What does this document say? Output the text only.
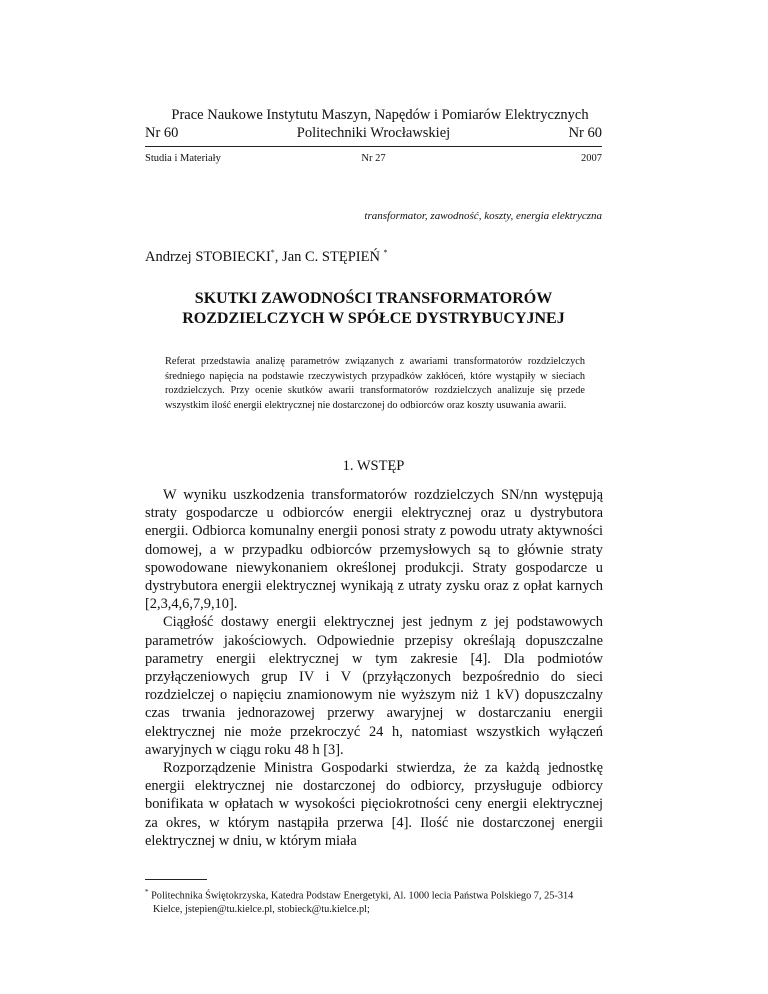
Prace Naukowe Instytutu Maszyn, Napędów i Pomiarów Elektrycznych
Politechniki Wrocławskiej
Nr 60	Nr 60
Nr 27
Studia i Materiały	2007
transformator, zawodność, koszty, energia elektryczna
Andrzej STOBIECKI*, Jan C. STĘPIEŃ *
SKUTKI ZAWODNOŚCI TRANSFORMATORÓW
ROZDZIELCZYCH W SPÓŁCE DYSTRYBUCYJNEJ
Referat przedstawia analizę parametrów związanych z awariami transformatorów rozdzielczych średniego napięcia na podstawie rzeczywistych przypadków zakłóceń, które wystąpiły w sieciach rozdzielczych. Przy ocenie skutków awarii transformatorów rozdzielczych analizuje się przede wszystkim ilość energii elektrycznej nie dostarczonej do odbiorców oraz koszty usuwania awarii.
1. WSTĘP

W wyniku uszkodzenia transformatorów rozdzielczych SN/nn występują straty gospodarcze u odbiorców energii elektrycznej oraz u dystrybutora energii. Odbiorca komunalny energii ponosi straty z powodu utraty aktywności domowej, a w przypadku odbiorców przemysłowych są to głównie straty spowodowane niewykonaniem określonej produkcji. Straty gospodarcze u dystrybutora energii elektrycznej wynikają z utraty zysku oraz z opłat karnych [2,3,4,6,7,9,10].

Ciągłość dostawy energii elektrycznej jest jednym z jej podstawowych parametrów jakościowych. Odpowiednie przepisy określają dopuszczalne parametry energii elektrycznej w tym zakresie [4]. Dla podmiotów przyłączeniowych grup IV i V (przyłączonych bezpośrednio do sieci rozdzielczej o napięciu znamionowym nie wyższym niż 1 kV) dopuszczalny czas trwania jednorazowej przerwy awaryjnej w dostarczaniu energii elektrycznej nie może przekroczyć 24 h, natomiast wszystkich wyłączeń awaryjnych w ciągu roku 48 h [3].

Rozporządzenie Ministra Gospodarki stwierdza, że za każdą jednostkę energii elektrycznej nie dostarczonej do odbiorcy, przysługuje odbiorcy bonifikata w opłatach w wysokości pięciokrotności ceny energii elektrycznej za okres, w którym nastąpiła przerwa [4]. Ilość nie dostarczonej energii elektrycznej w dniu, w którym miała

* Politechnika Świętokrzyska, Katedra Podstaw Energetyki, Al. 1000 lecia Państwa Polskiego 7, 25-314
Kielce, jstepien@tu.kielce.pl, stobieck@tu.kielce.pl;
